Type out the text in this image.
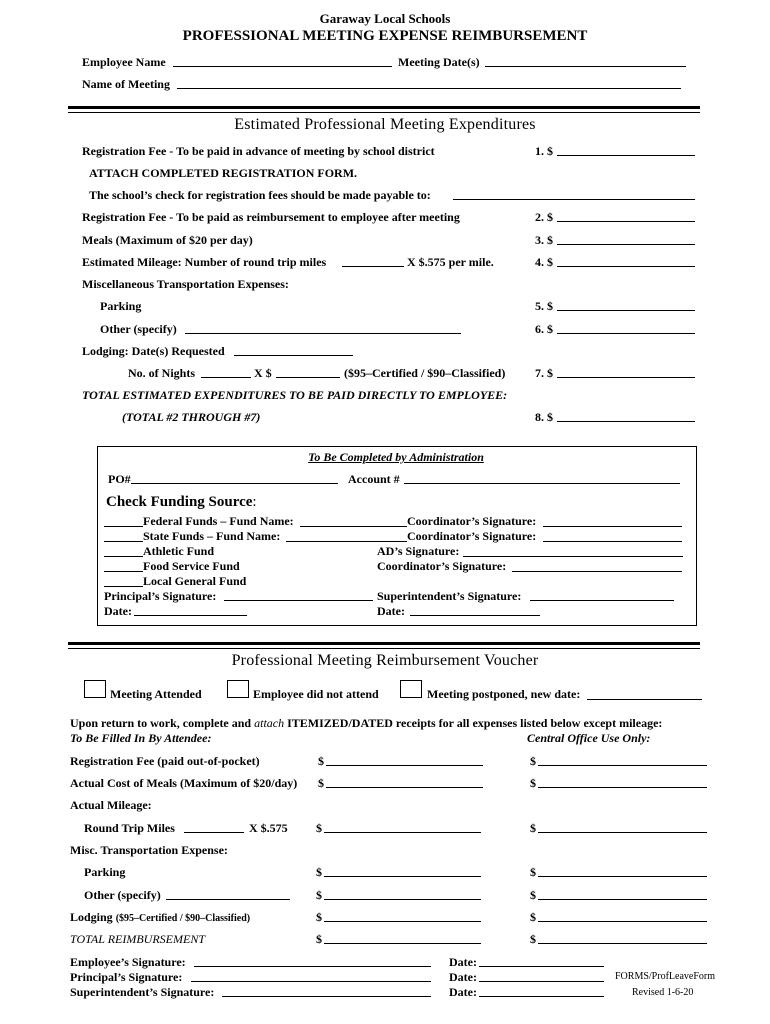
Garaway Local Schools
PROFESSIONAL MEETING EXPENSE REIMBURSEMENT
Employee Name	Meeting Date(s)
Name of Meeting
Estimated Professional Meeting Expenditures
Registration Fee - To be paid in advance of meeting by school district	1. $
ATTACH COMPLETED REGISTRATION FORM.
The school’s check for registration fees should be made payable to:
Registration Fee - To be paid as reimbursement to employee after meeting	2. $
Meals (Maximum of $20 per day)	3. $
Estimated Mileage: Number of round trip miles	X $.575 per mile.	4. $
Miscellaneous Transportation Expenses:
Parking	5. $
Other (specify)	6. $
Lodging: Date(s) Requested
No. of Nights	X $	($95–Certified / $90–Classified) 7. $
TOTAL ESTIMATED EXPENDITURES TO BE PAID DIRECTLY TO EMPLOYEE:
(TOTAL #2 THROUGH #7)	8. $
To Be Completed by Administration
PO#	Account #
Check Funding Source:
Federal Funds – Fund Name:	Coordinator’s Signature:
State Funds – Fund Name:	Coordinator’s Signature:
Athletic Fund	AD’s Signature:
Food Service Fund	Coordinator’s Signature:
Local General Fund
Principal’s Signature:	Superintendent’s Signature:
Date:	Date:
Professional Meeting Reimbursement Voucher
Meeting Attended	Employee did not attend	Meeting postponed, new date:
Upon return to work, complete and attach ITEMIZED/DATED receipts for all expenses listed below except mileage:
To Be Filled In By Attendee:	Central Office Use Only:
Registration Fee (paid out-of-pocket)	$	$
Actual Cost of Meals (Maximum of $20/day) $	$
Actual Mileage:
Round Trip Miles	X $.575 $	$
Misc. Transportation Expense:
Parking	$	$
Other (specify)	$	$
Lodging ($95–Certified / $90–Classified)	$	$
TOTAL REIMBURSEMENT	$	$
Employee’s Signature:	Date:
Principal’s Signature:	Date:
Superintendent’s Signature:	Date:
FORMS/ProfLeaveForm
Revised 1-6-20
